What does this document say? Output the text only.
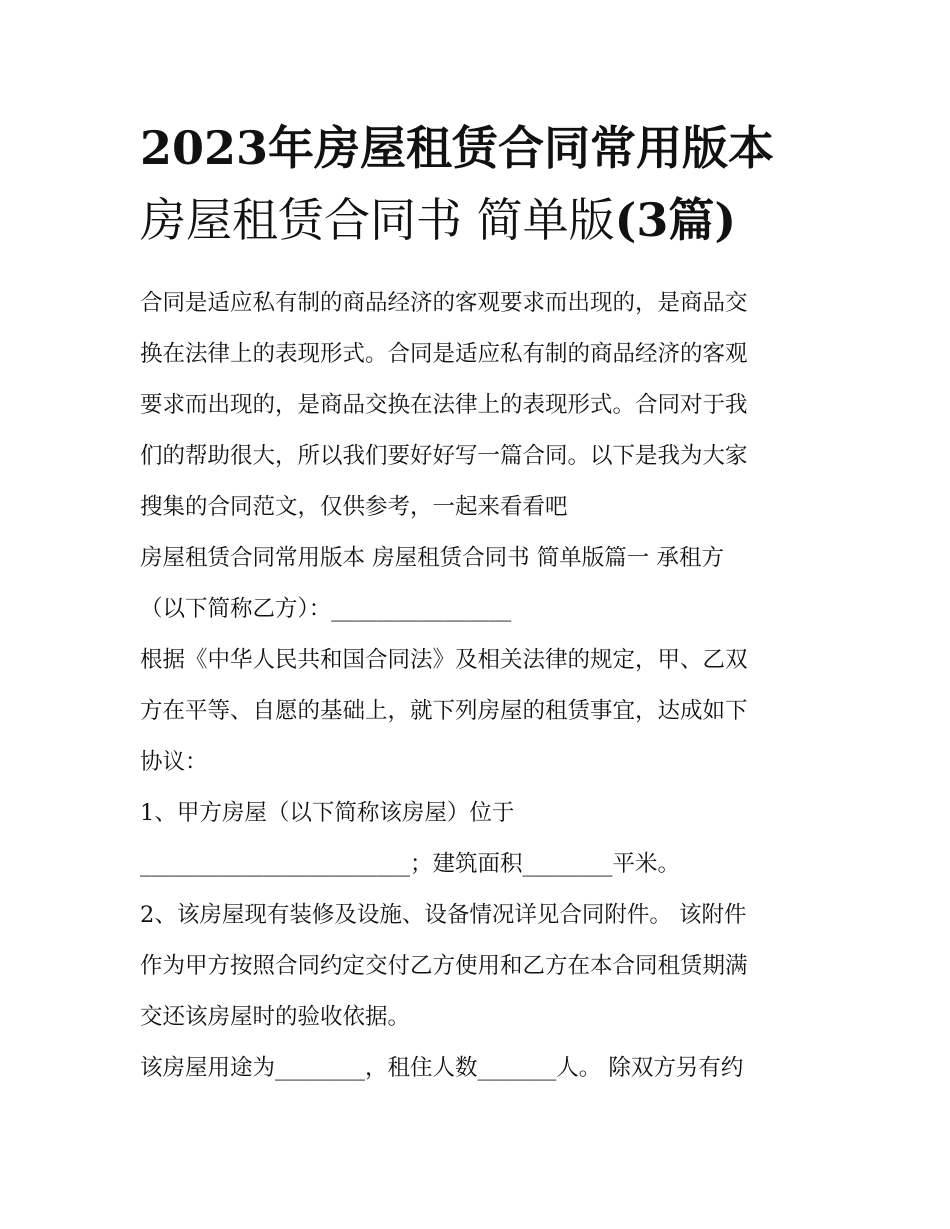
2023年房屋租赁合同常用版本
房屋租赁合同书 简单版(3篇)
合同是适应私有制的商品经济的客观要求而出现的，是商品交
换在法律上的表现形式。合同是适应私有制的商品经济的客观
要求而出现的，是商品交换在法律上的表现形式。合同对于我
们的帮助很大，所以我们要好好写一篇合同。以下是我为大家
搜集的合同范文，仅供参考，一起来看看吧
房屋租赁合同常用版本 房屋租赁合同书 简单版篇一 承租方
（以下简称乙方）：________________
根据《中华人民共和国合同法》及相关法律的规定，甲、乙双
方在平等、自愿的基础上，就下列房屋的租赁事宜，达成如下
协议：
1、甲方房屋（以下简称该房屋）位于
________________________；建筑面积________平米。
2、该房屋现有装修及设施、设备情况详见合同附件。 该附件
作为甲方按照合同约定交付乙方使用和乙方在本合同租赁期满
交还该房屋时的验收依据。
该房屋用途为________，租住人数_______人。 除双方另有约
